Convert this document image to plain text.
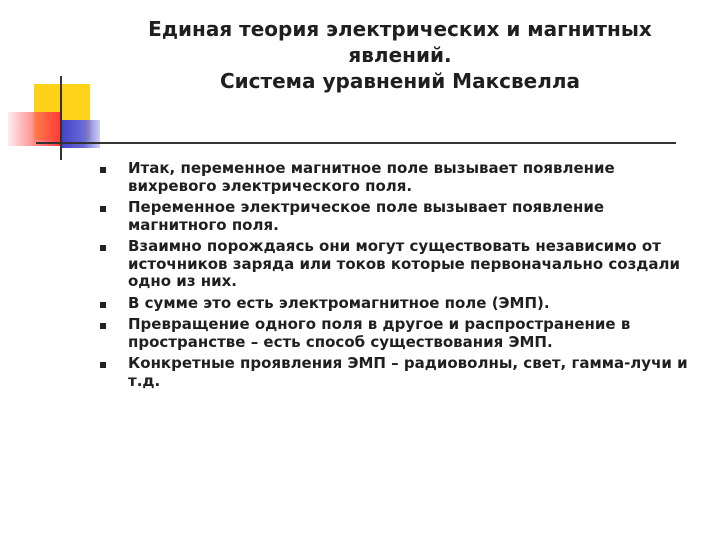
Единая теория электрических и магнитных
явлений.
Система уравнений Максвелла
Итак, переменное магнитное поле вызывает появление вихревого электрического поля.
Переменное электрическое поле вызывает появление магнитного поля.
Взаимно порождаясь они могут существовать независимо от источников заряда или токов которые первоначально создали одно из них.
В сумме это есть электромагнитное поле (ЭМП).
Превращение одного поля в другое и распространение в пространстве – есть способ существования ЭМП.
Конкретные проявления ЭМП – радиоволны, свет, гамма-лучи и т.д.
